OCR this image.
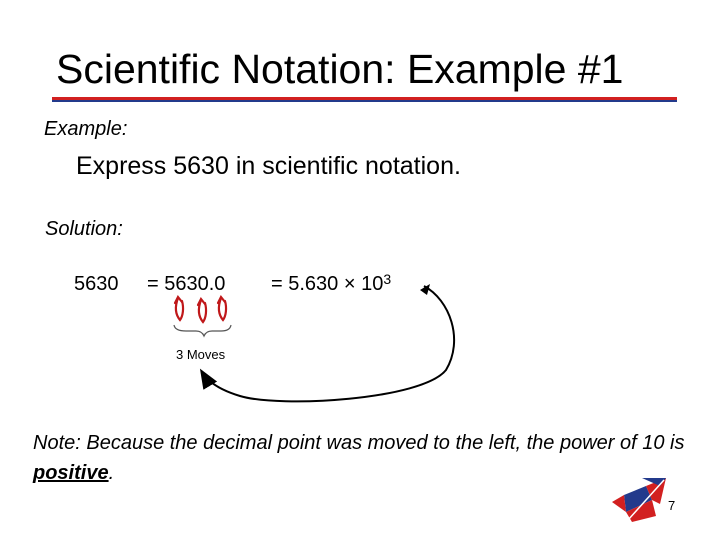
Scientific Notation: Example #1
Example:
Express 5630 in scientific notation.
Solution:
$5630 = 5630.0 = 5.630 \times 10^3$
3 Moves
Note: Because the decimal point was moved to the left, the power of 10 is positive.
7
